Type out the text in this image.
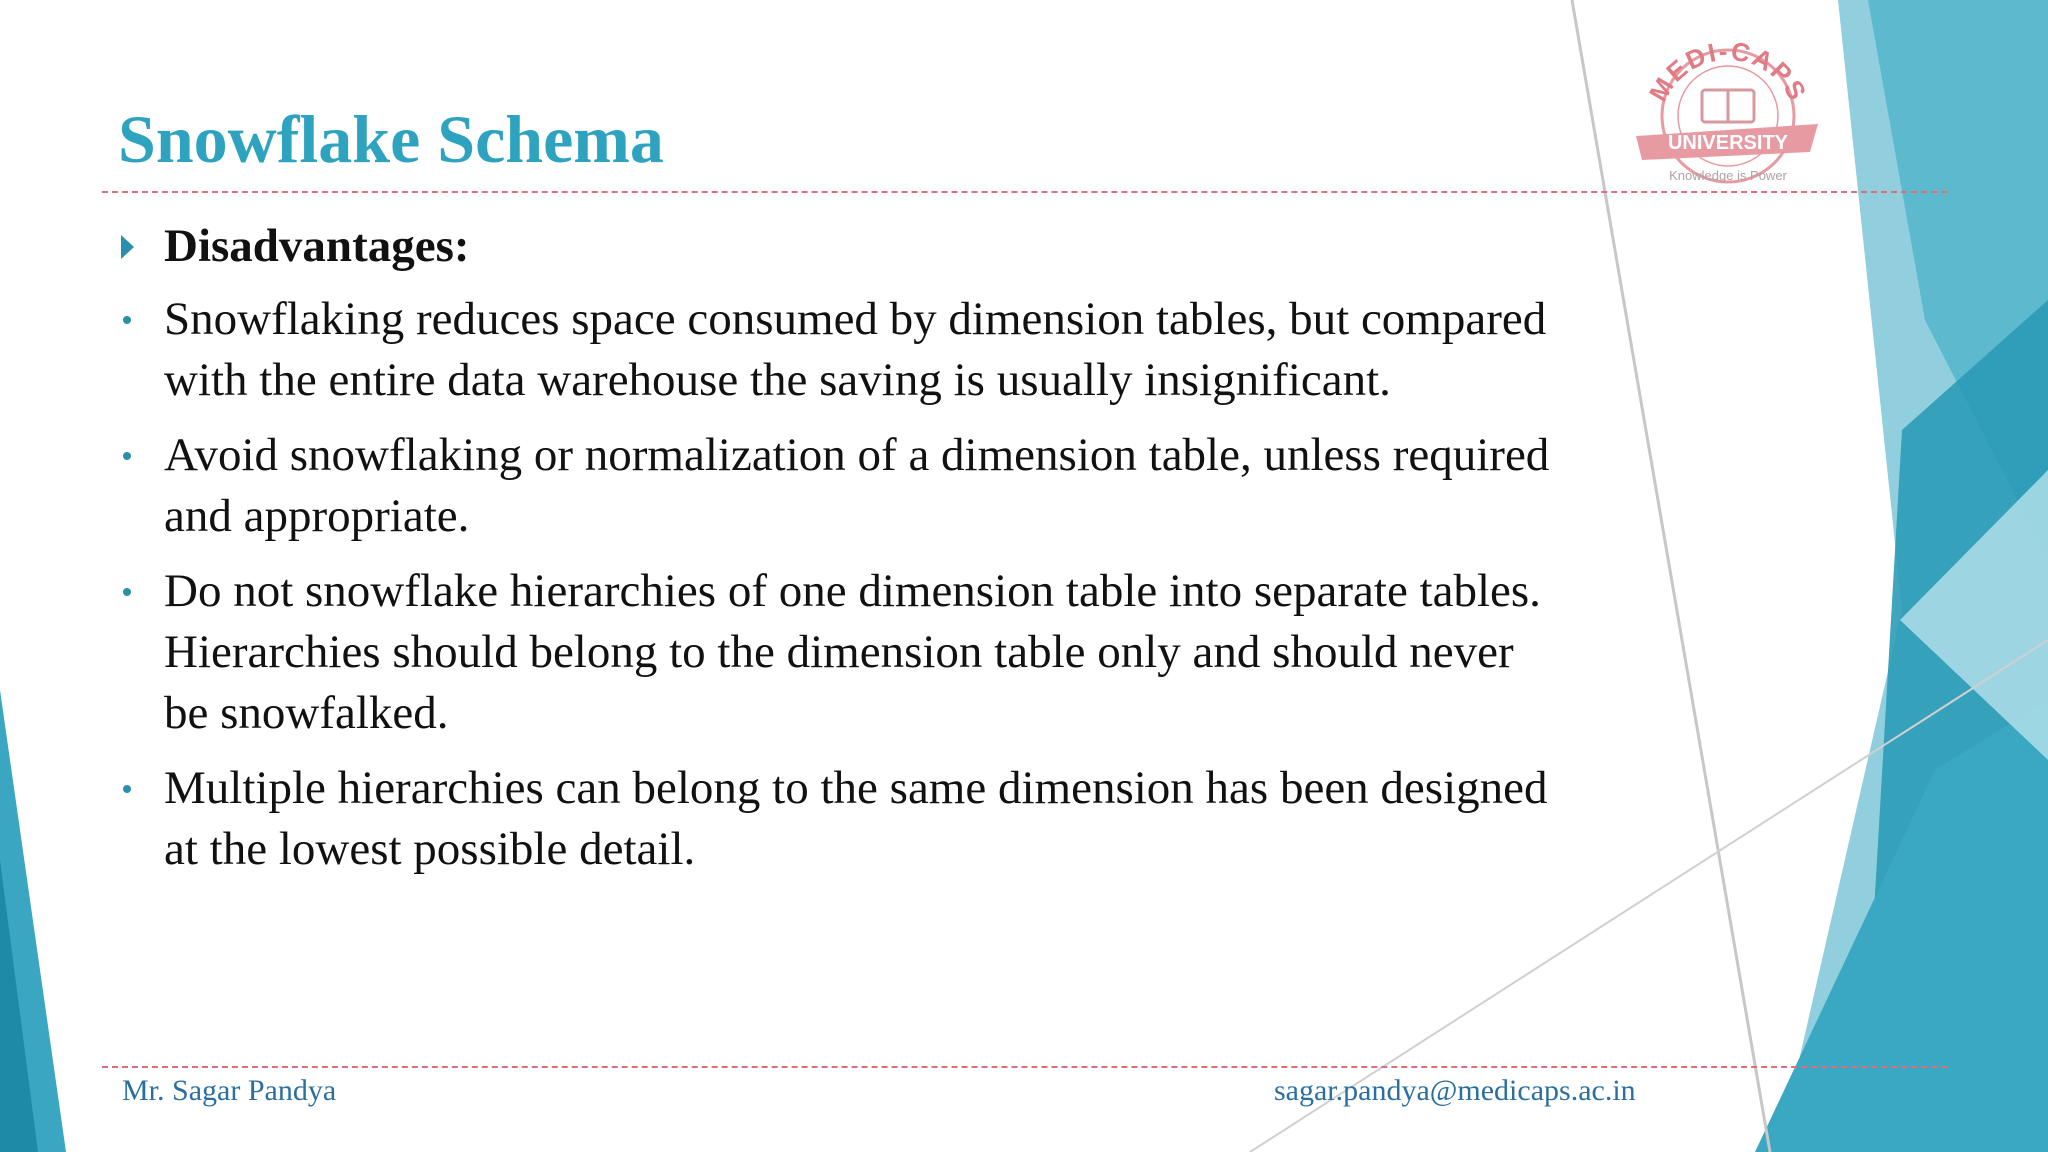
Snowflake Schema
MEDI-CAPS
UNIVERSITY
Knowledge is Power
Disadvantages:
Snowflaking reduces space consumed by dimension tables, but compared with the entire data warehouse the saving is usually insignificant.
Avoid snowflaking or normalization of a dimension table, unless required and appropriate.
Do not snowflake hierarchies of one dimension table into separate tables. Hierarchies should belong to the dimension table only and should never be snowfalked.
Multiple hierarchies can belong to the same dimension has been designed at the lowest possible detail.
Mr. Sagar Pandya	sagar.pandya@medicaps.ac.in
